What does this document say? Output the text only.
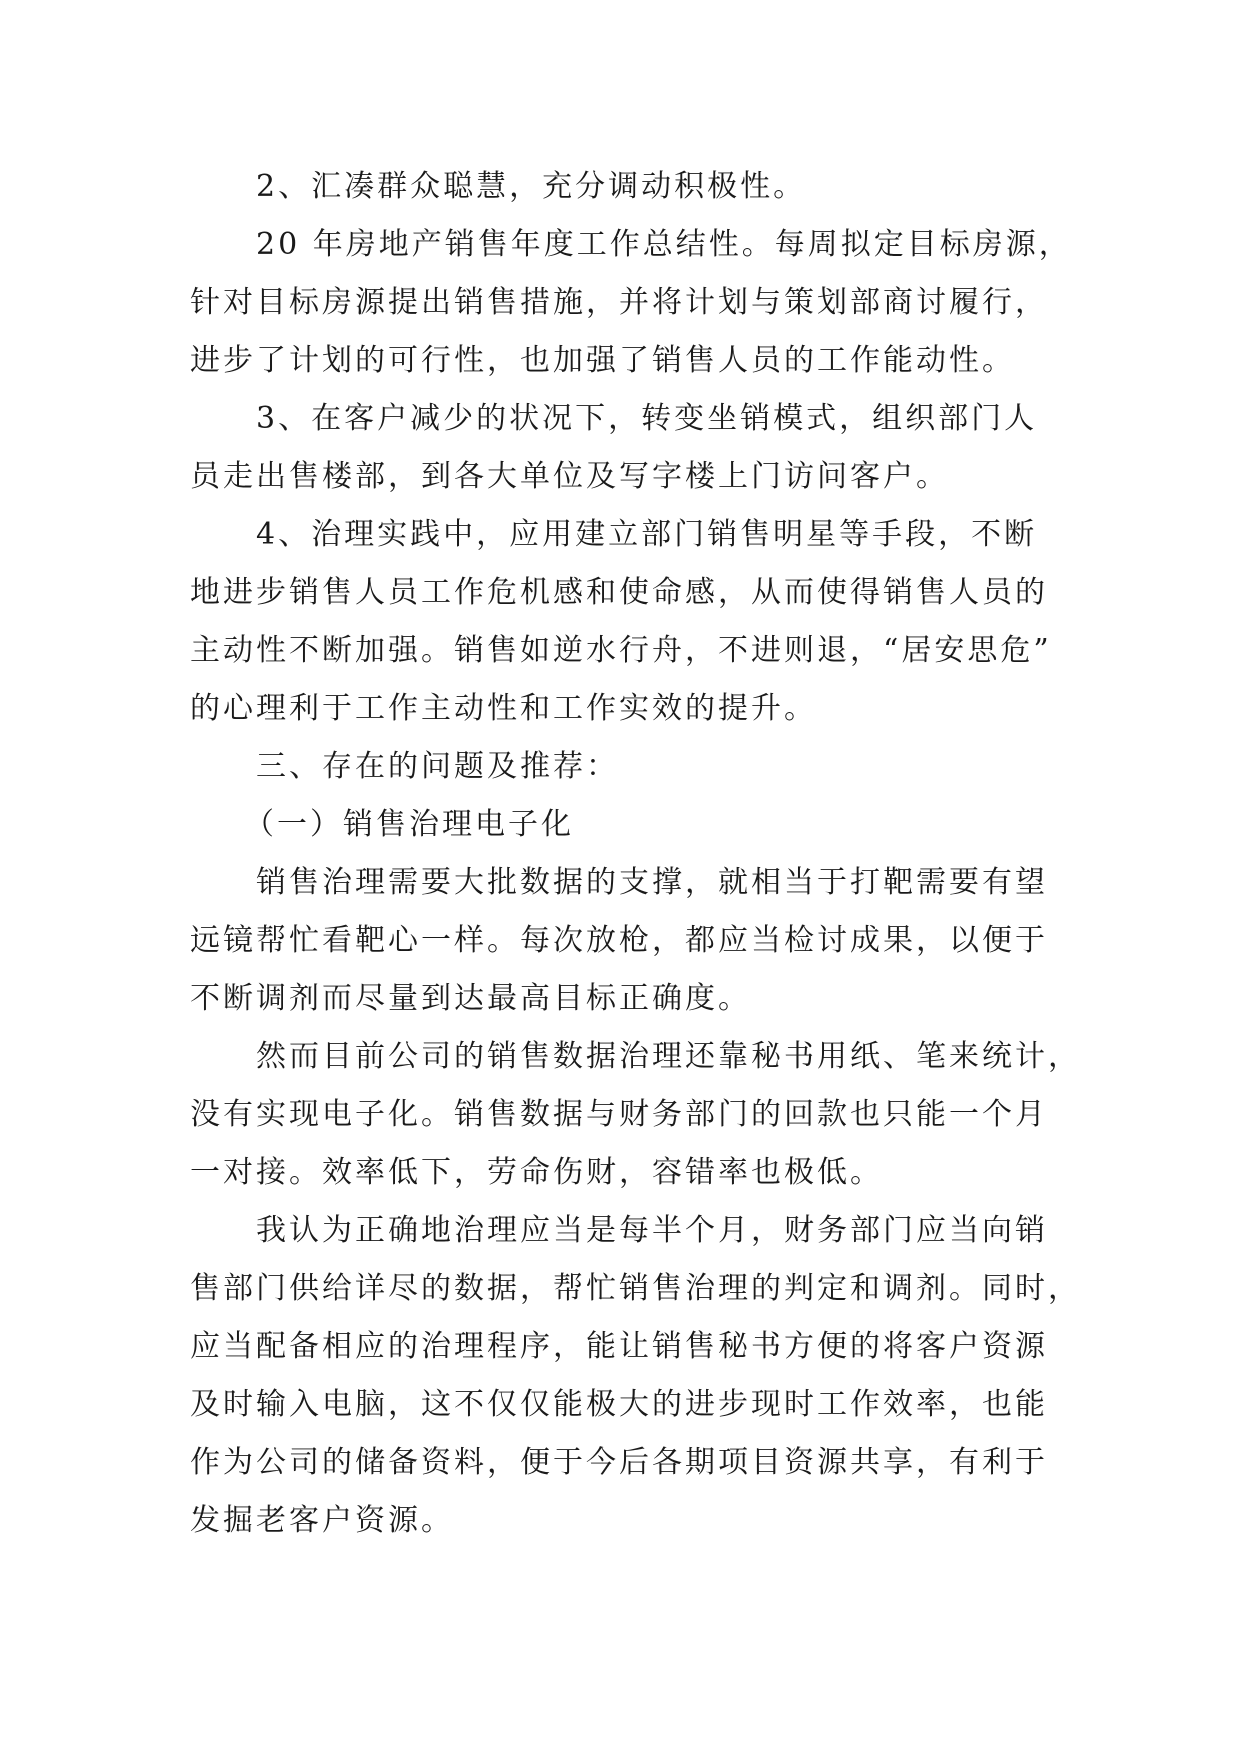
2、汇凑群众聪慧，充分调动积极性。

20 年房地产销售年度工作总结性。每周拟定目标房源，
针对目标房源提出销售措施，并将计划与策划部商讨履行，
进步了计划的可行性，也加强了销售人员的工作能动性。

3、在客户减少的状况下，转变坐销模式，组织部门人
员走出售楼部，到各大单位及写字楼上门访问客户。

4、治理实践中，应用建立部门销售明星等手段，不断
地进步销售人员工作危机感和使命感，从而使得销售人员的
主动性不断加强。销售如逆水行舟，不进则退，“居安思危”
的心理利于工作主动性和工作实效的提升。

三、存在的问题及推荐：

（一）销售治理电子化

销售治理需要大批数据的支撑，就相当于打靶需要有望
远镜帮忙看靶心一样。每次放枪，都应当检讨成果，以便于
不断调剂而尽量到达最高目标正确度。

然而目前公司的销售数据治理还靠秘书用纸、笔来统计，
没有实现电子化。销售数据与财务部门的回款也只能一个月
一对接。效率低下，劳命伤财，容错率也极低。

我认为正确地治理应当是每半个月，财务部门应当向销
售部门供给详尽的数据，帮忙销售治理的判定和调剂。同时，
应当配备相应的治理程序，能让销售秘书方便的将客户资源
及时输入电脑，这不仅仅能极大的进步现时工作效率，也能
作为公司的储备资料，便于今后各期项目资源共享，有利于
发掘老客户资源。
